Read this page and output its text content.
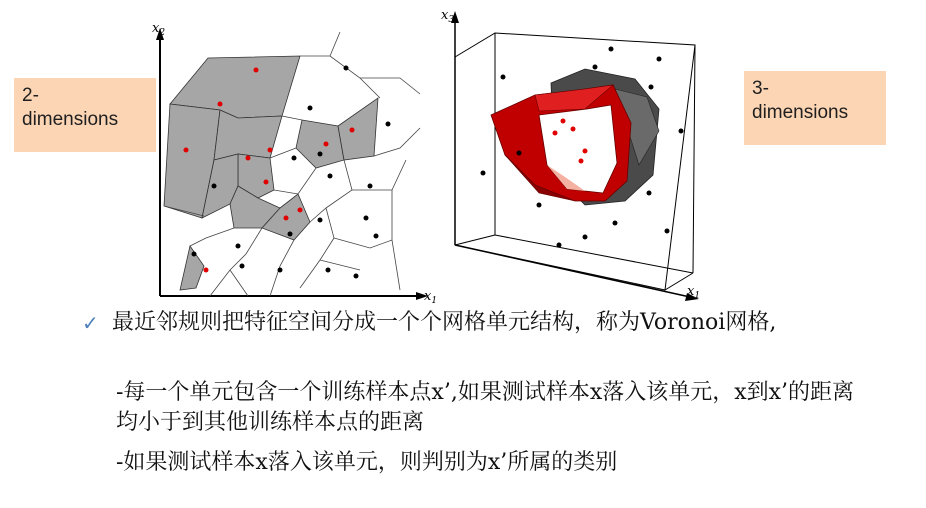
2-
dimensions
$x_2$
$x_1$
$x_3$
$x_1$
3-
dimensions
✓ 最近邻规则把特征空间分成一个个网格单元结构，称为Voronoi网格,
-每一个单元包含一个训练样本点x’,如果测试样本x落入该单元，x到x’的距离均小于到其他训练样本点的距离
-如果测试样本x落入该单元，则判别为x’所属的类别
